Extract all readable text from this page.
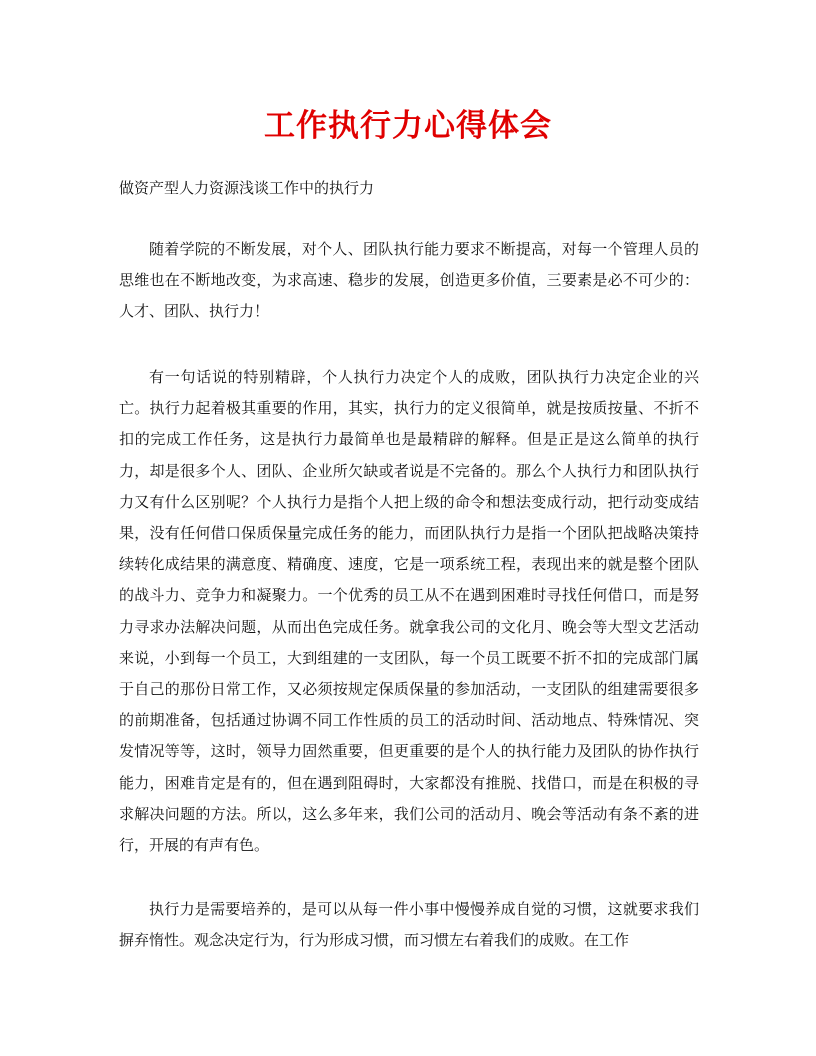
工作执行力心得体会

做资产型人力资源浅谈工作中的执行力

随着学院的不断发展，对个人、团队执行能力要求不断提高，对每一个管理人员的思维也在不断地改变，为求高速、稳步的发展，创造更多价值，三要素是必不可少的：人才、团队、执行力！

有一句话说的特别精辟，个人执行力决定个人的成败，团队执行力决定企业的兴亡。执行力起着极其重要的作用，其实，执行力的定义很简单，就是按质按量、不折不扣的完成工作任务，这是执行力最简单也是最精辟的解释。但是正是这么简单的执行力，却是很多个人、团队、企业所欠缺或者说是不完备的。那么个人执行力和团队执行力又有什么区别呢？个人执行力是指个人把上级的命令和想法变成行动，把行动变成结果，没有任何借口保质保量完成任务的能力，而团队执行力是指一个团队把战略决策持续转化成结果的满意度、精确度、速度，它是一项系统工程，表现出来的就是整个团队的战斗力、竞争力和凝聚力。一个优秀的员工从不在遇到困难时寻找任何借口，而是努力寻求办法解决问题，从而出色完成任务。就拿我公司的文化月、晚会等大型文艺活动来说，小到每一个员工，大到组建的一支团队，每一个员工既要不折不扣的完成部门属于自己的那份日常工作，又必须按规定保质保量的参加活动，一支团队的组建需要很多的前期准备，包括通过协调不同工作性质的员工的活动时间、活动地点、特殊情况、突发情况等等，这时，领导力固然重要，但更重要的是个人的执行能力及团队的协作执行能力，困难肯定是有的，但在遇到阻碍时，大家都没有推脱、找借口，而是在积极的寻求解决问题的方法。所以，这么多年来，我们公司的活动月、晚会等活动有条不紊的进行，开展的有声有色。

执行力是需要培养的，是可以从每一件小事中慢慢养成自觉的习惯，这就要求我们摒弃惰性。观念决定行为，行为形成习惯，而习惯左右着我们的成败。在工作
